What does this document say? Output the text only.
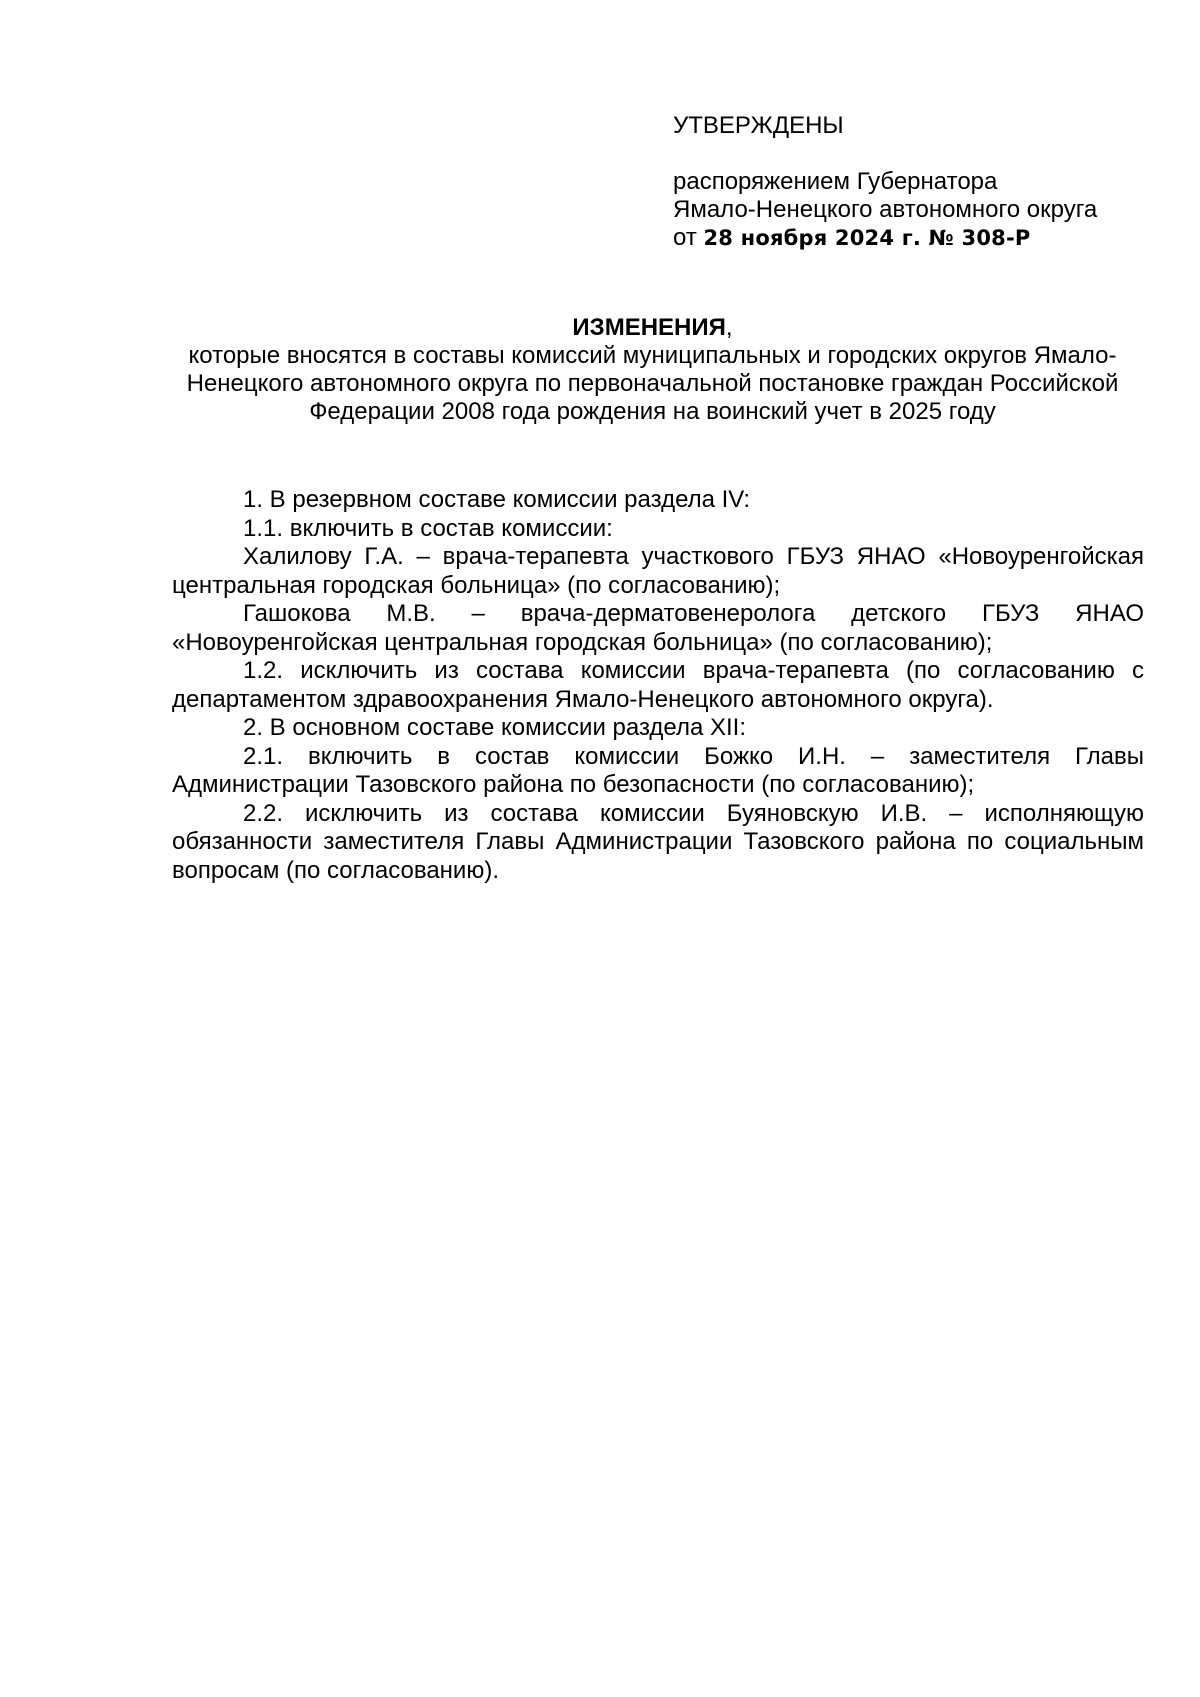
УТВЕРЖДЕНЫ
распоряжением Губернатора
Ямало-Ненецкого автономного округа
от 28 ноября 2024 г. № 308-Р
ИЗМЕНЕНИЯ,
которые вносятся в составы комиссий муниципальных и городских округов Ямало-Ненецкого автономного округа по первоначальной постановке граждан Российской Федерации 2008 года рождения на воинский учет в 2025 году

1. В резервном составе комиссии раздела IV:

1.1. включить в состав комиссии:

Халилову Г.А. – врача-терапевта участкового ГБУЗ ЯНАО «Новоуренгойская центральная городская больница» (по согласованию);

Гашокова М.В. – врача-дерматовенеролога детского ГБУЗ ЯНАО «Новоуренгойская центральная городская больница» (по согласованию);

1.2. исключить из состава комиссии врача-терапевта (по согласованию с департаментом здравоохранения Ямало-Ненецкого автономного округа).

2. В основном составе комиссии раздела XII:

2.1. включить в состав комиссии Божко И.Н. – заместителя Главы Администрации Тазовского района по безопасности (по согласованию);

2.2. исключить из состава комиссии Буяновскую И.В. – исполняющую обязанности заместителя Главы Администрации Тазовского района по социальным вопросам (по согласованию).
